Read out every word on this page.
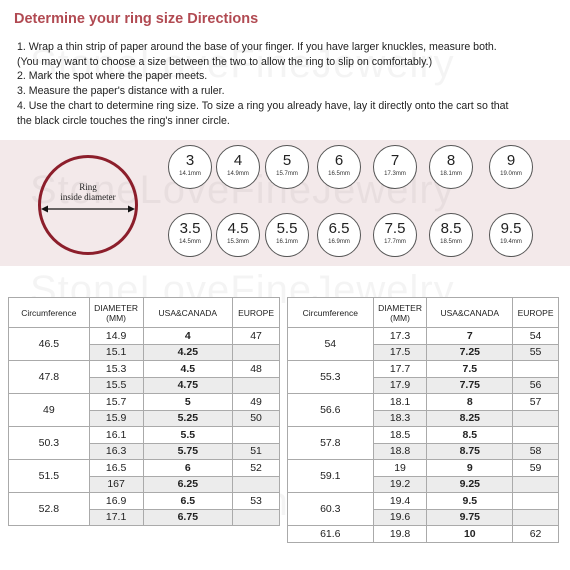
Determine your ring size Directions
1. Wrap a thin strip of paper around the base of your finger. If you have larger knuckles, measure both.
(You may want to choose a size between the two to allow the ring to slip on comfortably.)
2. Mark the spot where the paper meets.
3. Measure the paper's distance with a ruler.
4. Use the chart to determine ring size. To size a ring you already have, lay it directly onto the cart so that
the black circle touches the ring's inner circle.
Ring
inside diameter
3
14.1mm
4
14.9mm
5
15.7mm
6
16.5mm
7
17.3mm
8
18.1mm
9
19.0mm
3.5
14.5mm
4.5
15.3mm
5.5
16.1mm
6.5
16.9mm
7.5
17.7mm
8.5
18.5mm
9.5
19.4mm
Circumference	DIAMETER
(MM)	USA&CANADA	EUROPE
46.5	14.9	4	47
	15.1	4.25	
47.8	15.3	4.5	48
	15.5	4.75	
49	15.7	5	49
	15.9	5.25	50
50.3	16.1	5.5	
	16.3	5.75	51
51.5	16.5	6	52
	167	6.25	
52.8	16.9	6.5	53
	17.1	6.75	
Circumference	DIAMETER
(MM)	USA&CANADA	EUROPE
54	17.3	7	54
	17.5	7.25	55
55.3	17.7	7.5	
	17.9	7.75	56
56.6	18.1	8	57
	18.3	8.25	
57.8	18.5	8.5	
	18.8	8.75	58
59.1	19	9	59
	19.2	9.25	
60.3	19.4	9.5	
	19.6	9.75	
61.6	19.8	10	62
